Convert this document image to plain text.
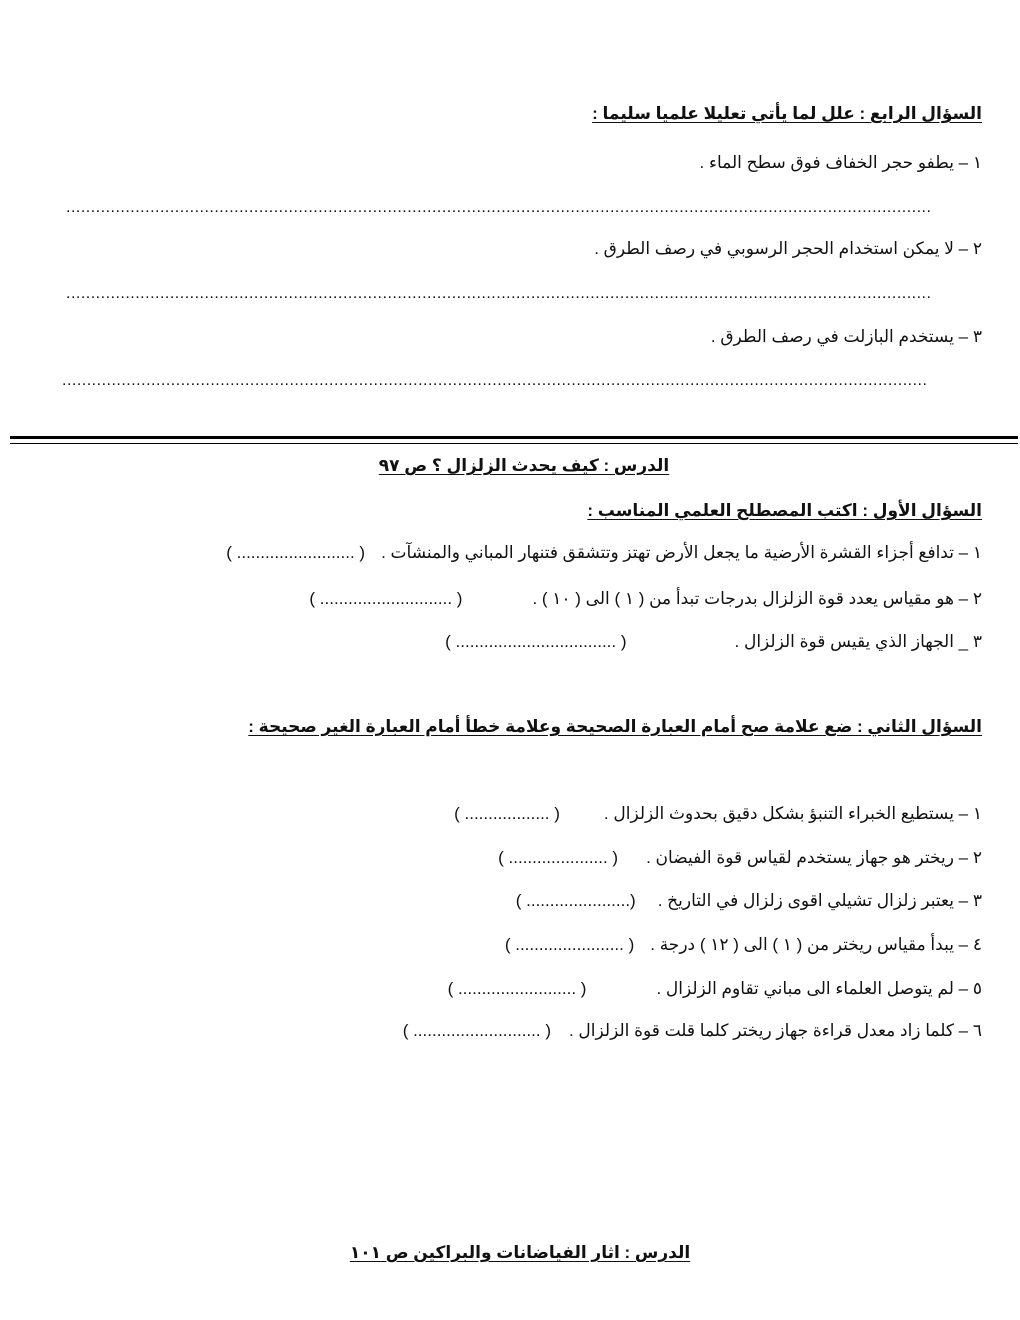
السؤال الرابع : علل لما يأتي تعليلا علميا سليما :
١ – يطفو حجر الخفاف فوق سطح الماء .
...............................................................................................................................................................................
٢ – لا يمكن استخدام الحجر الرسوبي في رصف الطرق .
...............................................................................................................................................................................
٣ – يستخدم البازلت في رصف الطرق .
...............................................................................................................................................................................
الدرس : كيف يحدث الزلزال ؟ ص ٩٧
السؤال الأول : اكتب المصطلح العلمي المناسب :
١ – تدافع أجزاء القشرة الأرضية ما يجعل الأرض تهتز وتتشقق فتنهار المباني والمنشآت .( ......................... )
٢ – هو مقياس يعدد قوة الزلزال بدرجات تبدأ من ( ١ ) الى ( ١٠ ) .( ............................ )
٣ _ الجهاز الذي يقيس قوة الزلزال .( .................................. )
السؤال الثاني : ضع علامة صح أمام العبارة الصحيحة وعلامة خطأ أمام العبارة الغير صحيحة :
١ – يستطيع الخبراء التنبؤ بشكل دقيق بحدوث الزلزال .( .................. )
٢ – ريختر هو جهاز يستخدم لقياس قوة الفيضان .( ..................... )
٣ – يعتبر زلزال تشيلي اقوى زلزال في التاريخ .(...................... )
٤ – يبدأ مقياس ريختر من ( ١ ) الى ( ١٢ ) درجة .( ....................... )
٥ – لم يتوصل العلماء الى مباني تقاوم الزلزال .( ......................... )
٦ – كلما زاد معدل قراءة جهاز ريختر كلما قلت قوة الزلزال .( ........................... )
الدرس : اثار الفياضانات والبراكين ص ١٠١
